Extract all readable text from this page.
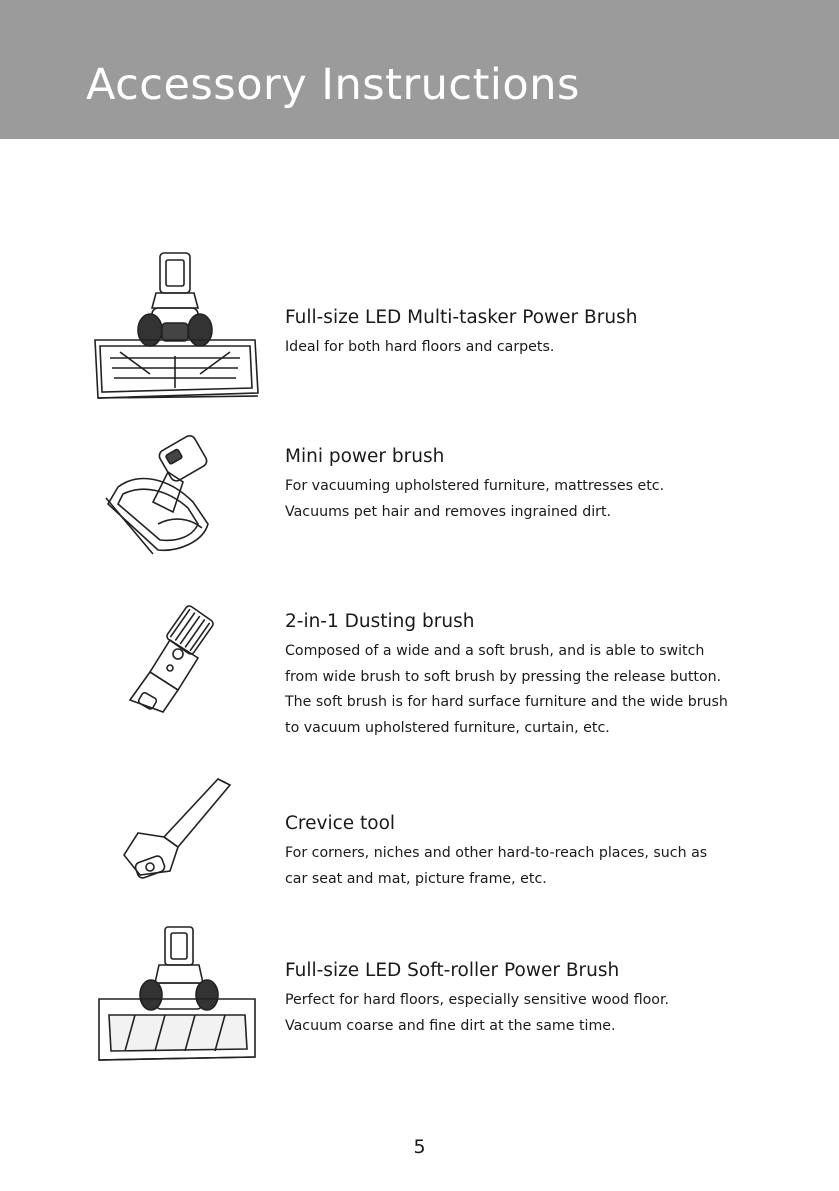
Accessory Instructions
Full-size LED Multi-tasker Power Brush
Ideal for both hard floors and carpets.
Mini power brush
For vacuuming upholstered furniture, mattresses etc.
Vacuums pet hair and removes ingrained dirt.
2-in-1 Dusting brush
Composed of a wide and a soft brush, and is able to switch
from wide brush to soft brush by pressing the release button.
The soft brush is for hard surface furniture and the wide brush
to vacuum upholstered furniture, curtain, etc.
Crevice tool
For corners, niches and other hard-to-reach places, such as
car seat and mat, picture frame, etc.
Full-size LED Soft-roller Power Brush
Perfect for hard floors, especially sensitive wood floor.
Vacuum coarse and fine dirt at the same time.
5
